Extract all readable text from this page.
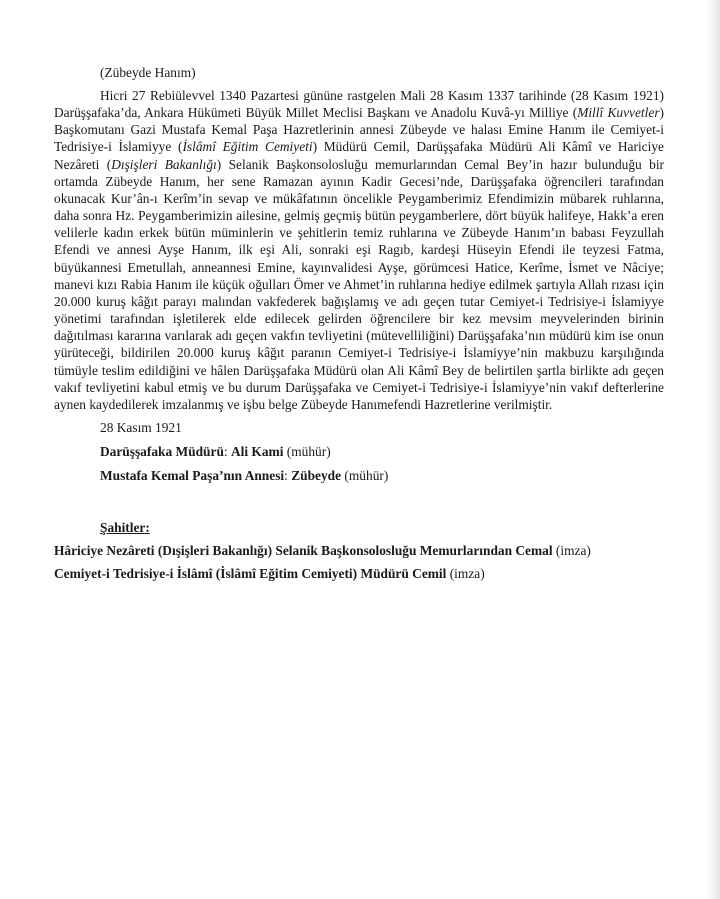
(Zübeyde Hanım)

Hicri 27 Rebiülevvel 1340 Pazartesi gününe rastgelen Mali 28 Kasım 1337 tarihinde (28 Kasım 1921) Darüşşafaka’da, Ankara Hükümeti Büyük Millet Meclisi Başkanı ve Anadolu Kuvâ-yı Milliye (Millî Kuvvetler) Başkomutanı Gazi Mustafa Kemal Paşa Hazretlerinin annesi Zübeyde ve halası Emine Hanım ile Cemiyet-i Tedrisiye-i İslamiyye (İslâmî Eğitim Cemiyeti) Müdürü Cemil, Darüşşafaka Müdürü Ali Kâmî ve Hariciye Nezâreti (Dışişleri Bakanlığı) Selanik Başkonsolosluğu memurlarından Cemal Bey’in hazır bulunduğu bir ortamda Zübeyde Hanım, her sene Ramazan ayının Kadir Gecesi’nde, Darüşşafaka öğrencileri tarafından okunacak Kur’ân-ı Kerîm’in sevap ve mükâfatının öncelikle Peygamberimiz Efendimizin mübarek ruhlarına, daha sonra Hz. Peygamberimizin ailesine, gelmiş geçmiş bütün peygamberlere, dört büyük halifeye, Hakk’a eren velilerle kadın erkek bütün müminlerin ve şehitlerin temiz ruhlarına ve Zübeyde Hanım’ın babası Feyzullah Efendi ve annesi Ayşe Hanım, ilk eşi Ali, sonraki eşi Ragıb, kardeşi Hüseyin Efendi ile teyzesi Fatma, büyükannesi Emetullah, anneannesi Emine, kayınvalidesi Ayşe, görümcesi Hatice, Kerîme, İsmet ve Nâciye; manevi kızı Rabia Hanım ile küçük oğulları Ömer ve Ahmet’in ruhlarına hediye edilmek şartıyla Allah rızası için 20.000 kuruş kâğıt parayı malından vakfederek bağışlamış ve adı geçen tutar Cemiyet-i Tedrisiye-i İslamiyye yönetimi tarafından işletilerek elde edilecek gelirden öğrencilere bir kez mevsim meyvelerinden birinin dağıtılması kararına varılarak adı geçen vakfın tevliyetini (mütevelliliğini) Darüşşafaka’nın müdürü kim ise onun yürüteceği, bildirilen 20.000 kuruş kâğıt paranın Cemiyet-i Tedrisiye-i İslamiyye’nin makbuzu karşılığında tümüyle teslim edildiğini ve hâlen Darüşşafaka Müdürü olan Ali Kâmî Bey de belirtilen şartla birlikte adı geçen vakıf tevliyetini kabul etmiş ve bu durum Darüşşafaka ve Cemiyet-i Tedrisiye-i İslamiyye’nin vakıf defterlerine aynen kaydedilerek imzalanmış ve işbu belge Zübeyde Hanımefendi Hazretlerine verilmiştir.

28 Kasım 1921

Darüşşafaka Müdürü: Ali Kami (mühür)

Mustafa Kemal Paşa’nın Annesi: Zübeyde (mühür)

Şahitler:

Hâriciye Nezâreti (Dışişleri Bakanlığı) Selanik Başkonsolosluğu Memurlarından Cemal (imza)

Cemiyet-i Tedrisiye-i İslâmî (İslâmî Eğitim Cemiyeti) Müdürü Cemil (imza)
